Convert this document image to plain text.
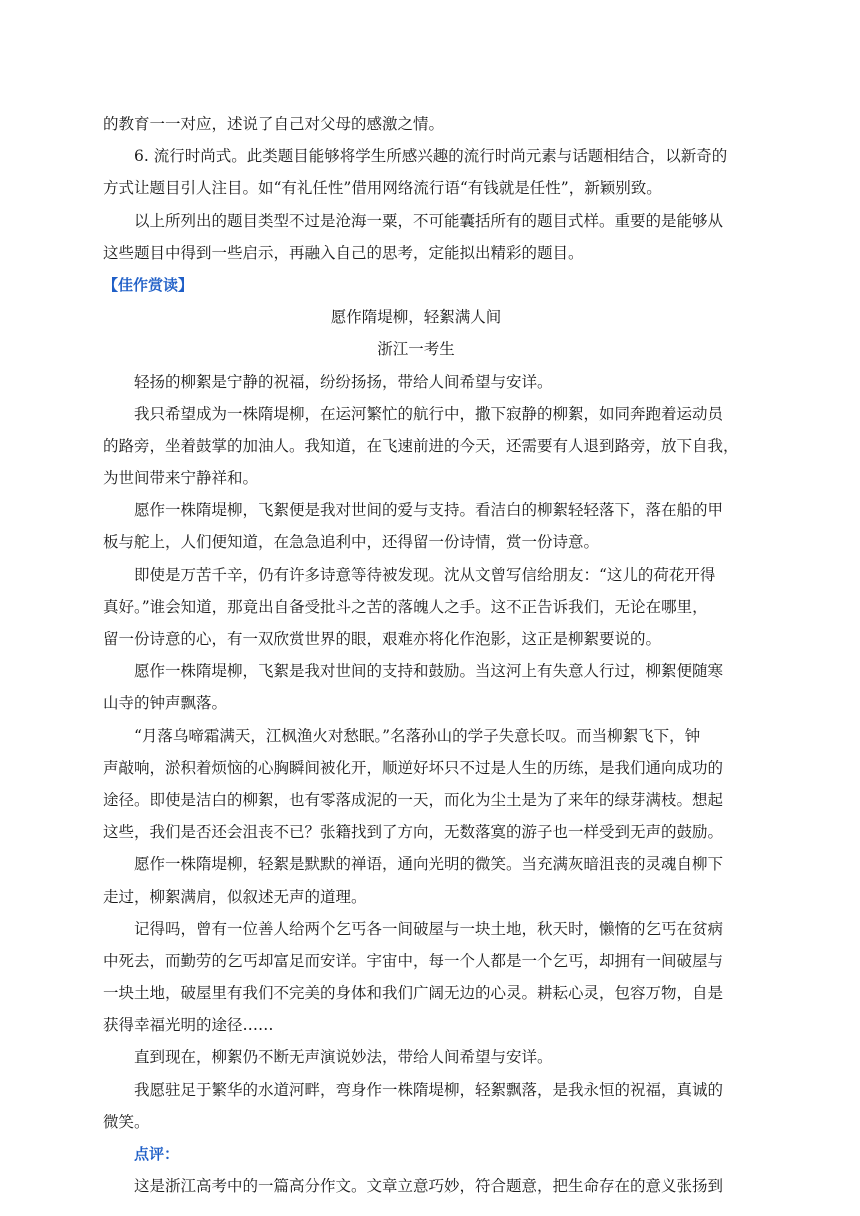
的教育一一对应，述说了自己对父母的感激之情。

6. 流行时尚式。此类题目能够将学生所感兴趣的流行时尚元素与话题相结合，以新奇的

方式让题目引人注目。如“有礼任性”借用网络流行语“有钱就是任性”，新颖别致。

以上所列出的题目类型不过是沧海一粟，不可能囊括所有的题目式样。重要的是能够从

这些题目中得到一些启示，再融入自己的思考，定能拟出精彩的题目。

【佳作赏读】

愿作隋堤柳，轻絮满人间

浙江一考生

轻扬的柳絮是宁静的祝福，纷纷扬扬，带给人间希望与安详。

我只希望成为一株隋堤柳，在运河繁忙的航行中，撒下寂静的柳絮，如同奔跑着运动员

的路旁，坐着鼓掌的加油人。我知道，在飞速前进的今天，还需要有人退到路旁，放下自我，

为世间带来宁静祥和。

愿作一株隋堤柳，飞絮便是我对世间的爱与支持。看洁白的柳絮轻轻落下，落在船的甲

板与舵上，人们便知道，在急急追利中，还得留一份诗情，赏一份诗意。

即使是万苦千辛，仍有许多诗意等待被发现。沈从文曾写信给朋友：“这儿的荷花开得

真好。”谁会知道，那竟出自备受批斗之苦的落魄人之手。这不正告诉我们，无论在哪里，

留一份诗意的心，有一双欣赏世界的眼，艰难亦将化作泡影，这正是柳絮要说的。

愿作一株隋堤柳，飞絮是我对世间的支持和鼓励。当这河上有失意人行过，柳絮便随寒

山寺的钟声飘落。

“月落乌啼霜满天，江枫渔火对愁眠。”名落孙山的学子失意长叹。而当柳絮飞下，钟

声敲响，淤积着烦恼的心胸瞬间被化开，顺逆好坏只不过是人生的历练，是我们通向成功的

途径。即使是洁白的柳絮，也有零落成泥的一天，而化为尘土是为了来年的绿芽满枝。想起

这些，我们是否还会沮丧不已？张籍找到了方向，无数落寞的游子也一样受到无声的鼓励。

愿作一株隋堤柳，轻絮是默默的禅语，通向光明的微笑。当充满灰暗沮丧的灵魂自柳下

走过，柳絮满肩，似叙述无声的道理。

记得吗，曾有一位善人给两个乞丐各一间破屋与一块土地，秋天时，懒惰的乞丐在贫病

中死去，而勤劳的乞丐却富足而安详。宇宙中，每一个人都是一个乞丐，却拥有一间破屋与

一块土地，破屋里有我们不完美的身体和我们广阔无边的心灵。耕耘心灵，包容万物，自是

获得幸福光明的途径……

直到现在，柳絮仍不断无声演说妙法，带给人间希望与安详。

我愿驻足于繁华的水道河畔，弯身作一株隋堤柳，轻絮飘落，是我永恒的祝福，真诚的

微笑。

点评：

这是浙江高考中的一篇高分作文。文章立意巧妙，符合题意，把生命存在的意义张扬到
